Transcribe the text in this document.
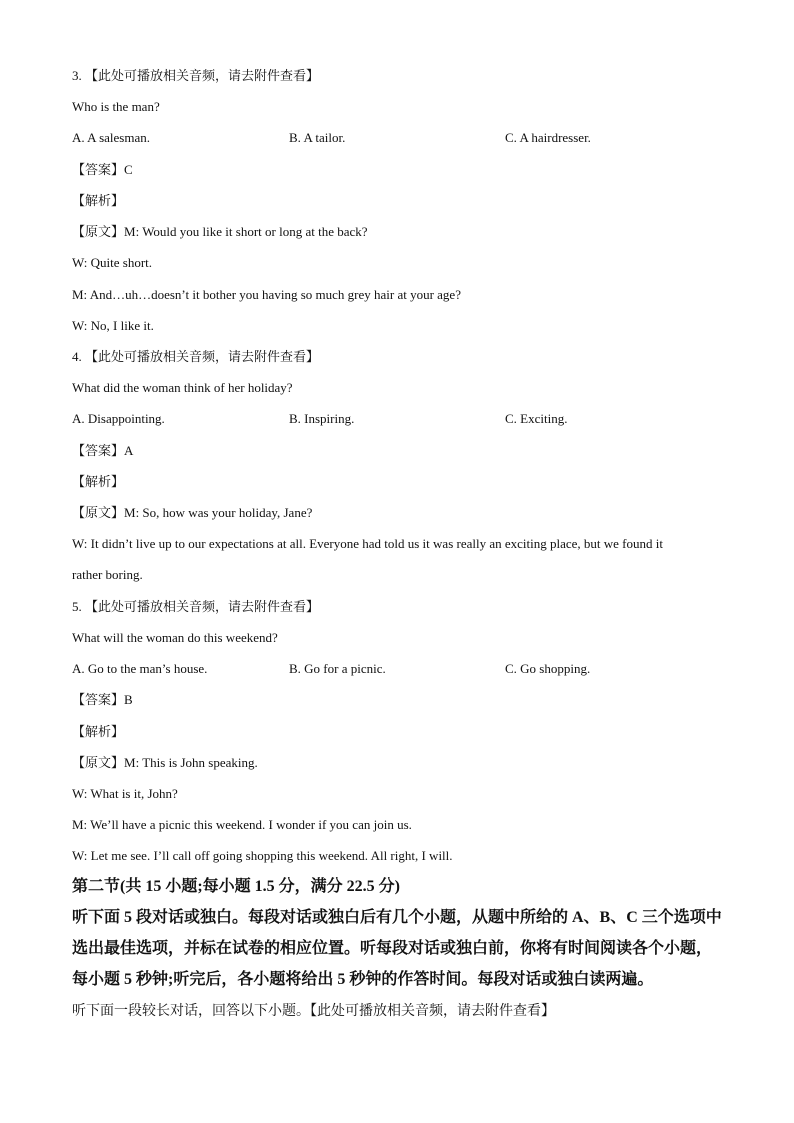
3. 【此处可播放相关音频，请去附件查看】
Who is the man?
A. A salesman.	B. A tailor.	C. A hairdresser.
【答案】C
【解析】
【原文】M: Would you like it short or long at the back?
W: Quite short.
M: And…uh…doesn’t it bother you having so much grey hair at your age?
W: No, I like it.
4. 【此处可播放相关音频，请去附件查看】
What did the woman think of her holiday?
A. Disappointing.	B. Inspiring.	C. Exciting.
【答案】A
【解析】
【原文】M: So, how was your holiday, Jane?
W: It didn’t live up to our expectations at all. Everyone had told us it was really an exciting place, but we found it
rather boring.
5. 【此处可播放相关音频，请去附件查看】
What will the woman do this weekend?
A. Go to the man’s house.	B. Go for a picnic.	C. Go shopping.
【答案】B
【解析】
【原文】M: This is John speaking.
W: What is it, John?
M: We’ll have a picnic this weekend. I wonder if you can join us.
W: Let me see. I’ll call off going shopping this weekend. All right, I will.
第二节(共 15 小题;每小题 1.5 分，满分 22.5 分)
听下面 5 段对话或独白。每段对话或独白后有几个小题，从题中所给的 A、B、C 三个选项中
选出最佳选项，并标在试卷的相应位置。听每段对话或独白前，你将有时间阅读各个小题，
每小题 5 秒钟;听完后，各小题将给出 5 秒钟的作答时间。每段对话或独白读两遍。
听下面一段较长对话，回答以下小题。【此处可播放相关音频，请去附件查看】
